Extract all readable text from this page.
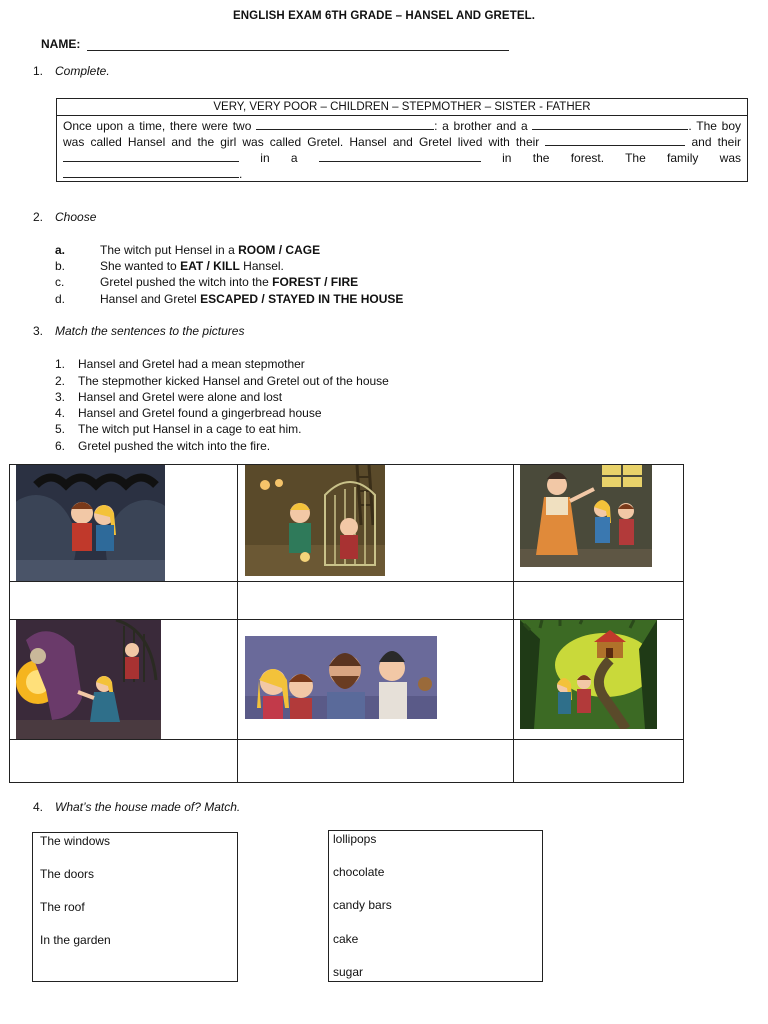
ENGLISH EXAM 6TH GRADE – HANSEL AND GRETEL.
NAME:
1. Complete.
VERY, VERY POOR – CHILDREN – STEPMOTHER – SISTER - FATHER
Once upon a time, there were two	: a brother and a	. The boy was called Hansel and the girl was called Gretel. Hansel and Gretel lived with their	and their  in a	in the forest. The family was .
2. Choose
a.	The witch put Hensel in a ROOM / CAGE
b.	She wanted to EAT / KILL Hansel.
c.	Gretel pushed the witch into the FOREST / FIRE
d.	Hansel and Gretel ESCAPED / STAYED IN THE HOUSE
3. Match the sentences to the pictures
1. Hansel and Gretel had a mean stepmother
2. The stepmother kicked Hansel and Gretel out of the house
3. Hansel and Gretel were alone and lost
4. Hansel and Gretel found a gingerbread house
5. The witch put Hansel in a cage to eat him.
6. Gretel pushed the witch into the fire.
4. What’s the house made of? Match.
The windows
The doors
The roof
In the garden
lollipops
chocolate
candy bars
cake
sugar
